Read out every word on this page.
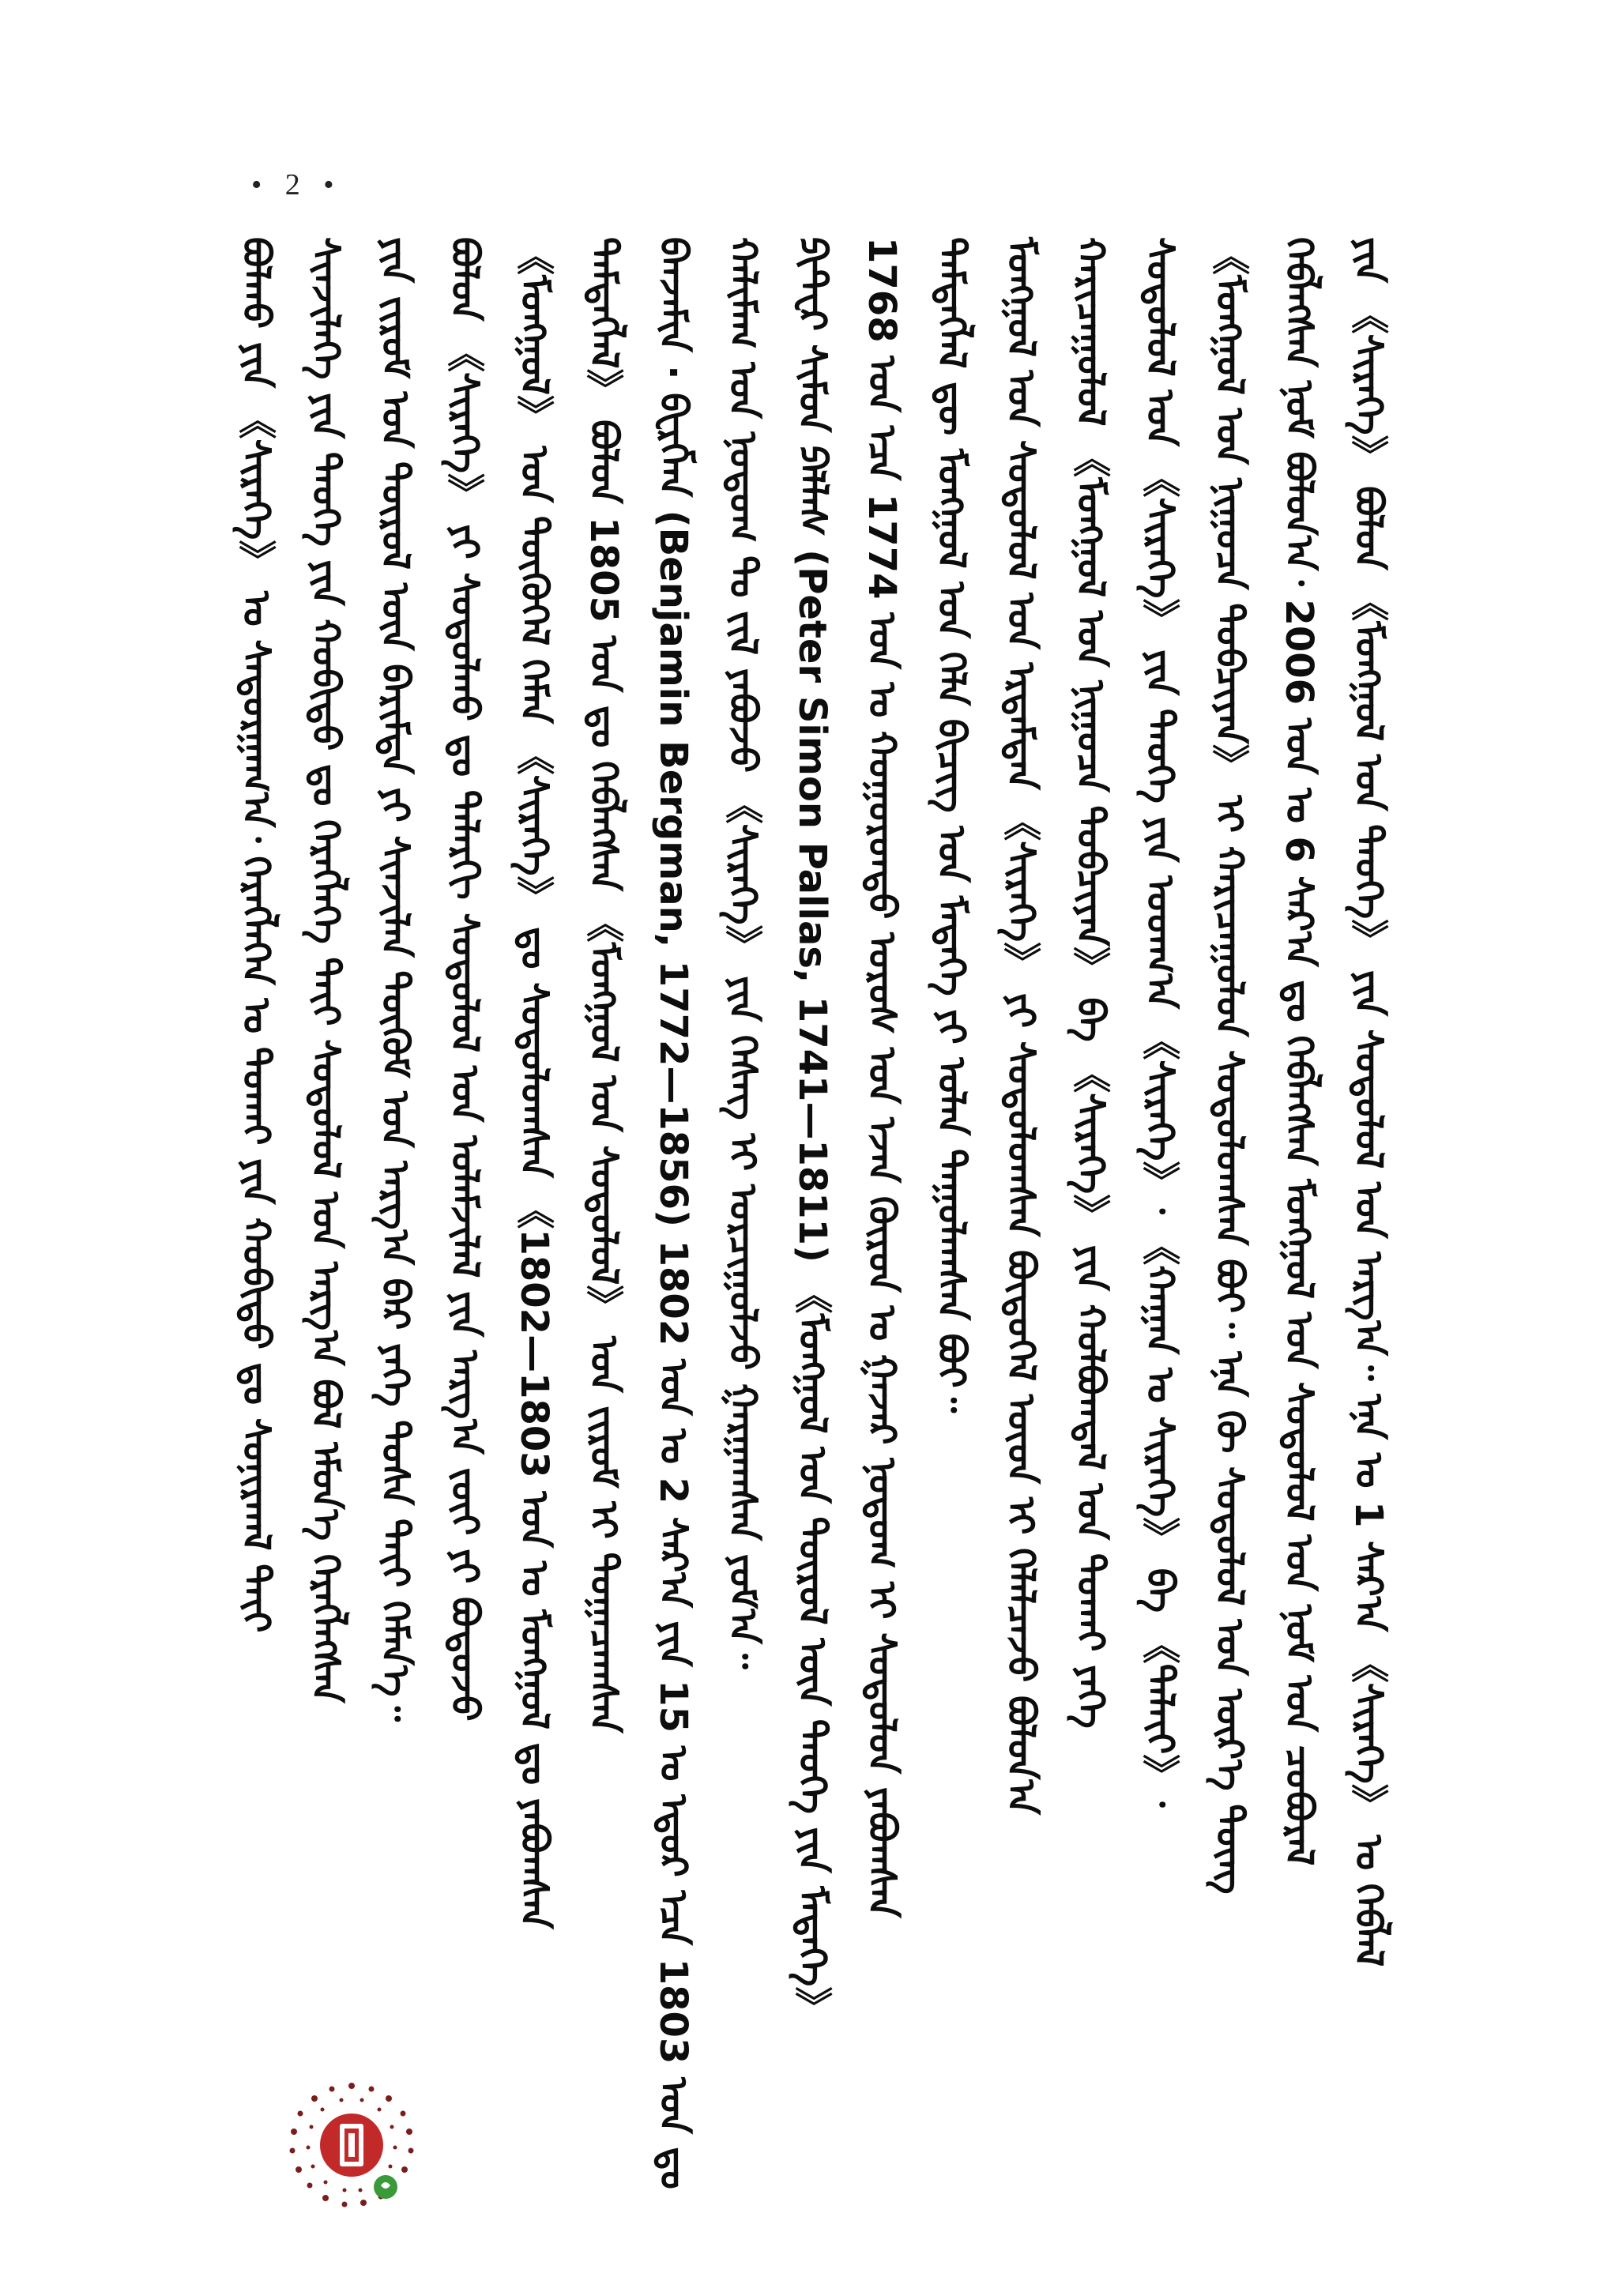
• 2 •
ᠪᠣᠯᠬᠤ ᠶᠢᠨ 《ᠰᠢᠷᠡᠭᠡ》 ᠤ ᠰᠠᠳᠤᠷᠭᠠᠭ᠎ᠠ᠂ ᠬᠡᠷᠡᠭᠯᠡᠭᠡᠨ ᠤ ᠲᠤᠬᠠᠢ ᠶᠢᠨ ᠬᠤᠪᠢᠳᠤ ᠳᠤ ᠰᠣᠨᠢᠷᠬᠠᠯ ᠲᠠᠶ᠋ᠢ ᠰᠢᠨᠵᠢᠯᠡᠭᠡ ᠶᠢᠨ ᠲᠡᠦᠬᠡ ᠶᠢᠨ ᠬᠤᠪᠢᠳᠤ ᠳᠤ ᠬᠡᠷᠡᠭᠯᠡᠭᠡ ᠲᠠᠶ᠋ᠢ ᠰᠤᠳᠤᠯᠤᠯ ᠤᠨ ᠠᠷᠭ᠎ᠠ ᠪᠣᠯ ᠡᠮᠦᠨ᠎ᠡ ᠬᠡᠷᠡᠭᠯᠡᠭᠰᠡᠨ ᠶᠢᠨ ᠵᠢᠷᠤᠮ ᠤᠨ ᠲᠦᠷᠦᠯ ᠦᠨ ᠪᠠᠷᠢᠮᠲᠠ ᠶᠢ ᠰᠢᠨᠵᠢᠯᠡᠨ ᠳᠦᠬᠦᠮ ᠤᠨ ᠠᠷᠭ᠎ᠠ ᠪᠡᠷ ᠶᠡᠬᠡ ᠲᠤᠰᠠ ᠲᠠᠶ᠋ᠢ ᠬᠡᠮᠡᠨ᠎ᠡ᠃ ᠪᠣᠯᠤᠨ 《ᠰᠢᠷᠡᠭᠡ》 ᠶᠢ ᠰᠣᠳᠤᠯᠬᠤ ᠳᠤ ᠲᠠᠯᠠᠷᠬᠢ ᠰᠤᠳᠤᠯᠤᠯ ᠤᠨ ᠤᠯᠠᠮᠵᠢᠯᠠᠯ ᠶᠢᠨ ᠠᠷᠭ᠎ᠠ ᠵᠦᠢ ᠶᠢ ᠪᠣᠳᠤᠵᠤ 《ᠮᠣᠩᠭᠤᠯ》 ᠤᠨ ᠲᠦᠭᠦᠭᠡᠯ ᠬᠡᠮᠡᠨ 《ᠰᠢᠷᠡᠭᠡ》 ᠳᠤ ᠰᠤᠳᠤᠯᠤᠭᠰᠠᠨ 《1802—1803 ᠣᠨ ᠤ ᠮᠣᠩᠭᠤᠯ ᠳᠤ ᠶᠠᠪᠤᠭᠰᠠᠨ ᠲᠡᠮᠳᠡᠭᠯᠡᠯ》 ᠪᠣᠯᠤᠨ 1805 ᠣᠨ ᠳᠤ ᠬᠡᠪᠯᠡᠭᠰᠡᠨ 《ᠮᠣᠩᠭᠤᠯ ᠤᠨ ᠰᠤᠳᠤᠯᠤᠯ》 ᠤᠨ ᠵᠢᠷᠤᠮ ᠢ ᠲᠣᠭᠠᠴᠠᠭᠰᠠᠨ ᠪᠡᠨᠵᠠᠮᠢᠨ · ᠪᠧᠷᠭᠮᠠᠨ (Benjamin Bergman, 1772—1856) 1802 ᠣᠨ ᠤ 2 ᠰᠠᠷ᠎ᠠ ᠶᠢᠨ 15 ᠤ ᠡᠳᠦᠷ ᠡᠴᠡ 1803 ᠣᠨ ᠳᠤ ᠬᠠᠯᠢᠮᠠᠭ ᠤᠨ ᠨᠤᠲᠤᠭ ᠲᠤ ᠵᠢᠯ ᠶᠠᠪᠤᠵᠤ 《ᠰᠢᠷᠡᠭᠡ》 ᠶᠢᠨ ᠬᠡᠰᠡᠭ ᠢ ᠣᠷᠴᠢᠭᠤᠯᠵᠤ ᠭᠠᠷᠭᠠᠭᠰᠠᠨ ᠶᠤᠮ᠎ᠠ᠃ ᠫᠢᠲ᠋ᠧᠷ ᠰᠢᠮᠣᠨ ᠫᠠᠯᠯᠠᠰ (Peter Simon Pallas, 1741—1811) 《ᠮᠣᠩᠭᠤᠯ ᠤᠨ ᠲᠦᠷᠦᠯ ᠦᠨ ᠲᠡᠦᠬᠡ ᠶᠢᠨ ᠮᠡᠳᠡᠭᠡ》 1768 ᠣᠨ ᠡᠴᠡ 1774 ᠣᠨ ᠤ ᠬᠣᠭᠣᠷᠤᠨᠳᠤ ᠣᠷᠤᠰ ᠤᠨ ᠡᠵᠡᠨ ᠭᠦᠷᠦᠨ ᠤ ᠭᠠᠵᠠᠷ ᠨᠤᠲᠤᠭ ᠢ ᠰᠤᠳᠤᠯᠤᠨ ᠶᠠᠪᠤᠭᠰᠠᠨ ᠲᠡᠮᠳᠡᠭᠯᠡᠯ ᠳᠦ ᠮᠣᠩᠭᠤᠯ ᠤᠨ ᠬᠡᠯᠡ ᠪᠢᠴᠢᠭ ᠤᠨ ᠮᠡᠳᠡᠭᠡ ᠶᠢ ᠣᠯᠠᠨ ᠳᠠᠭᠤᠯᠠᠭᠰᠠᠨ ᠪᠤᠢ᠃ ᠮᠣᠩᠭᠤᠯ ᠤᠨ ᠰᠤᠳᠤᠯᠤᠯ ᠤᠨ ᠡᠷᠳᠡᠮᠲᠡᠨ 《ᠰᠢᠷᠡᠭᠡ》 ᠶᠢ ᠰᠤᠳᠤᠯᠤᠭᠰᠠᠨ ᠪᠦᠲᠦᠭᠡᠯ ᠦᠳ ᠢ ᠬᠡᠯᠡᠯᠴᠡᠵᠦ ᠪᠣᠯᠤᠨ᠎ᠠ ᠬᠠᠷᠢᠴᠠᠭᠤᠯᠤᠯ 《ᠮᠣᠩᠭᠤᠯ ᠤᠨ ᠨᠢᠭᠤᠴᠠ ᠲᠣᠪᠴᠢᠶᠠᠨ》 ᠪᠠ 《ᠰᠢᠷᠡᠭᠡ》 ᠶᠢᠨ ᠬᠣᠯᠪᠣᠭᠳᠠᠯ ᠤᠨ ᠲᠤᠬᠠᠢ ᠶᠡᠬᠡ ᠰᠤᠳᠤᠯᠤᠯ ᠤᠨ 《ᠰᠢᠷᠡᠭᠡ》 ᠶᠢᠨ ᠲᠡᠦᠬᠡ ᠶᠢᠨ ᠤᠳᠬ᠎ᠠ 《ᠰᠢᠷᠡᠭᠡ》᠂ 《ᠬᠠᠭᠠᠨ ᠤ ᠰᠢᠷᠡᠭᠡ》 ᠪᠠ 《ᠲᠠᠯᠠᠶ᠋ᠢ》᠂ 《ᠮᠣᠩᠭᠤᠯ ᠤᠨ ᠨᠢᠭᠤᠴᠠ ᠲᠣᠪᠴᠢᠶᠠᠨ》 ᠢ ᠬᠠᠷᠢᠴᠠᠭᠤᠯᠤᠨ ᠰᠤᠳᠤᠯᠤᠭᠰᠠᠨ ᠪᠤᠢ᠃ ᠡᠨᠡ ᠬᠦ ᠰᠤᠳᠤᠯᠤᠯ ᠤᠨ ᠦᠷ᠎ᠡ ᠳᠦᠩ ᠬᠡᠪᠯᠡᠭᠰᠡᠨ ᠨᠣᠮ ᠪᠣᠯᠤᠨ᠎ᠠ᠂ 2006 ᠣᠨ ᠤ 6 ᠰᠠᠷ᠎ᠠ ᠳᠤ ᠬᠡᠪᠯᠡᠭᠰᠡᠨ ᠮᠣᠩᠭᠤᠯ ᠤᠨ ᠰᠤᠳᠤᠯᠤᠯ ᠤᠨ ᠨᠣᠮ ᠤᠨ ᠴᠤᠪᠤᠷᠠᠯ ᠶᠢᠨ 《ᠰᠢᠷᠡᠭᠡ》 ᠪᠣᠯᠤᠨ 《ᠮᠣᠩᠭᠤᠯ ᠤᠨ ᠲᠡᠦᠬᠡ》 ᠶᠢᠨ ᠰᠤᠳᠤᠯᠤᠯ ᠤᠨ ᠠᠷᠭ᠎ᠠ᠃ ᠡᠨᠡ ᠤ 1 ᠰᠠᠷ᠎ᠠ 《ᠰᠢᠷᠡᠭᠡ》 ᠤ ᠬᠡᠪᠯᠡᠯ
